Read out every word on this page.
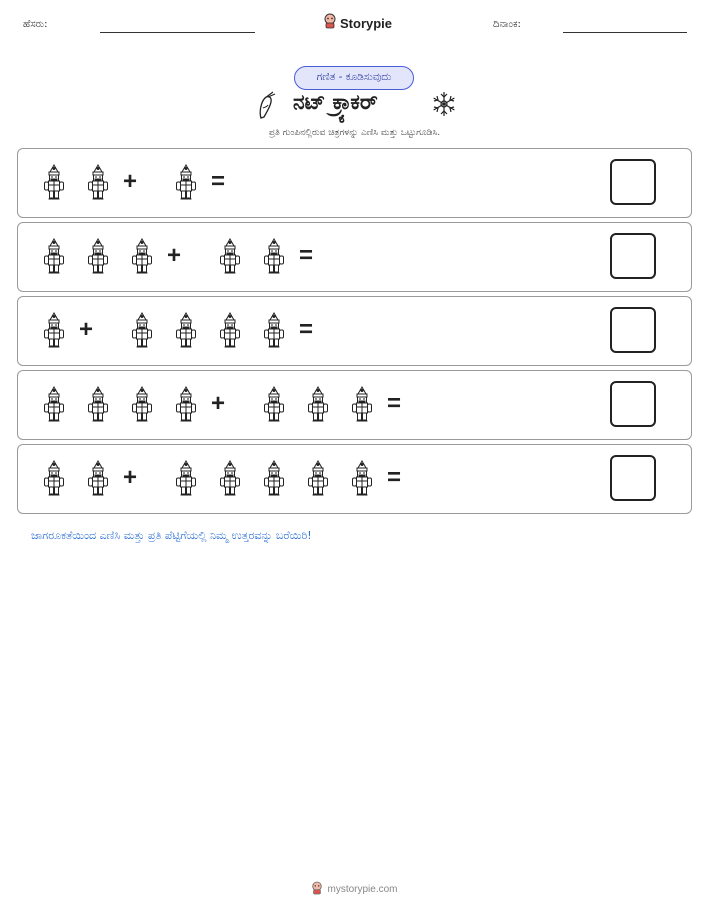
ಹೆಸರು:	Storypie	ದಿನಾಂಕ:
ಗಣಿತ - ಕೂಡಿಸುವುದು
ನಟ್ ಕ್ರ್ಯಾಕರ್
ಪ್ರತಿ ಗುಂಪಿನಲ್ಲಿರುವ ಚಿತ್ರಗಳನ್ನು ಎಣಿಸಿ ಮತ್ತು ಒಟ್ಟುಗೂಡಿಸಿ.
+	=
+	=
+	=
+	=
+	=
ಜಾಗರೂಕತೆಯಿಂದ ಎಣಿಸಿ ಮತ್ತು ಪ್ರತಿ ಪೆಟ್ಟಿಗೆಯಲ್ಲಿ ನಿಮ್ಮ ಉತ್ತರವನ್ನು ಬರೆಯಿರಿ!
mystorypie.com
